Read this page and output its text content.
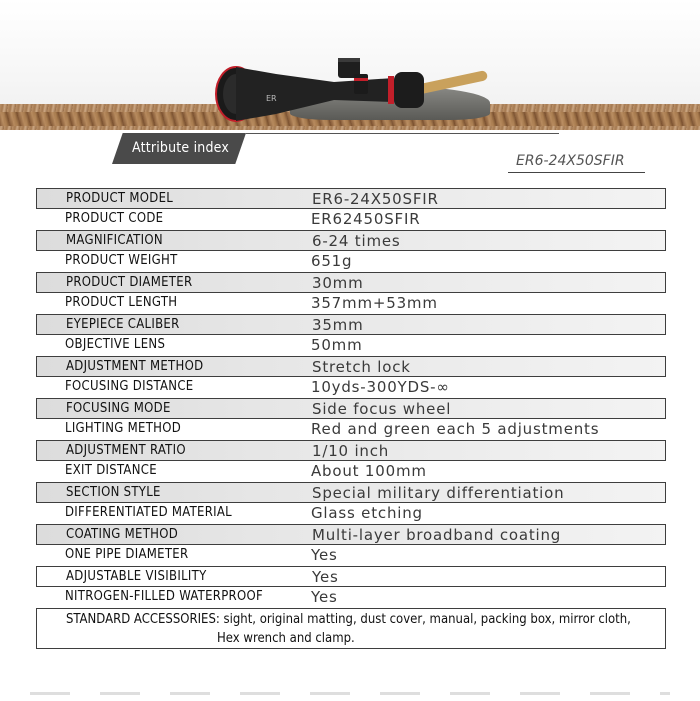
ER
Attribute index
ER6-24X50SFIR
PRODUCT MODEL	ER6-24X50SFIR
PRODUCT CODE	ER62450SFIR
MAGNIFICATION	6-24 times
PRODUCT WEIGHT	651g
PRODUCT DIAMETER	30mm
PRODUCT LENGTH	357mm+53mm
EYEPIECE CALIBER	35mm
OBJECTIVE LENS	50mm
ADJUSTMENT METHOD	Stretch lock
FOCUSING DISTANCE	10yds-300YDS-∞
FOCUSING MODE	Side focus wheel
LIGHTING METHOD	Red and green each 5 adjustments
ADJUSTMENT RATIO	1/10 inch
EXIT DISTANCE	About 100mm
SECTION STYLE	Special military differentiation
DIFFERENTIATED MATERIAL	Glass etching
COATING METHOD	Multi-layer broadband coating
ONE PIPE DIAMETER	Yes
ADJUSTABLE VISIBILITY	Yes
NITROGEN-FILLED WATERPROOF	Yes
STANDARD ACCESSORIES: sight, original matting, dust cover, manual, packing box, mirror cloth,
Hex wrench and clamp.
